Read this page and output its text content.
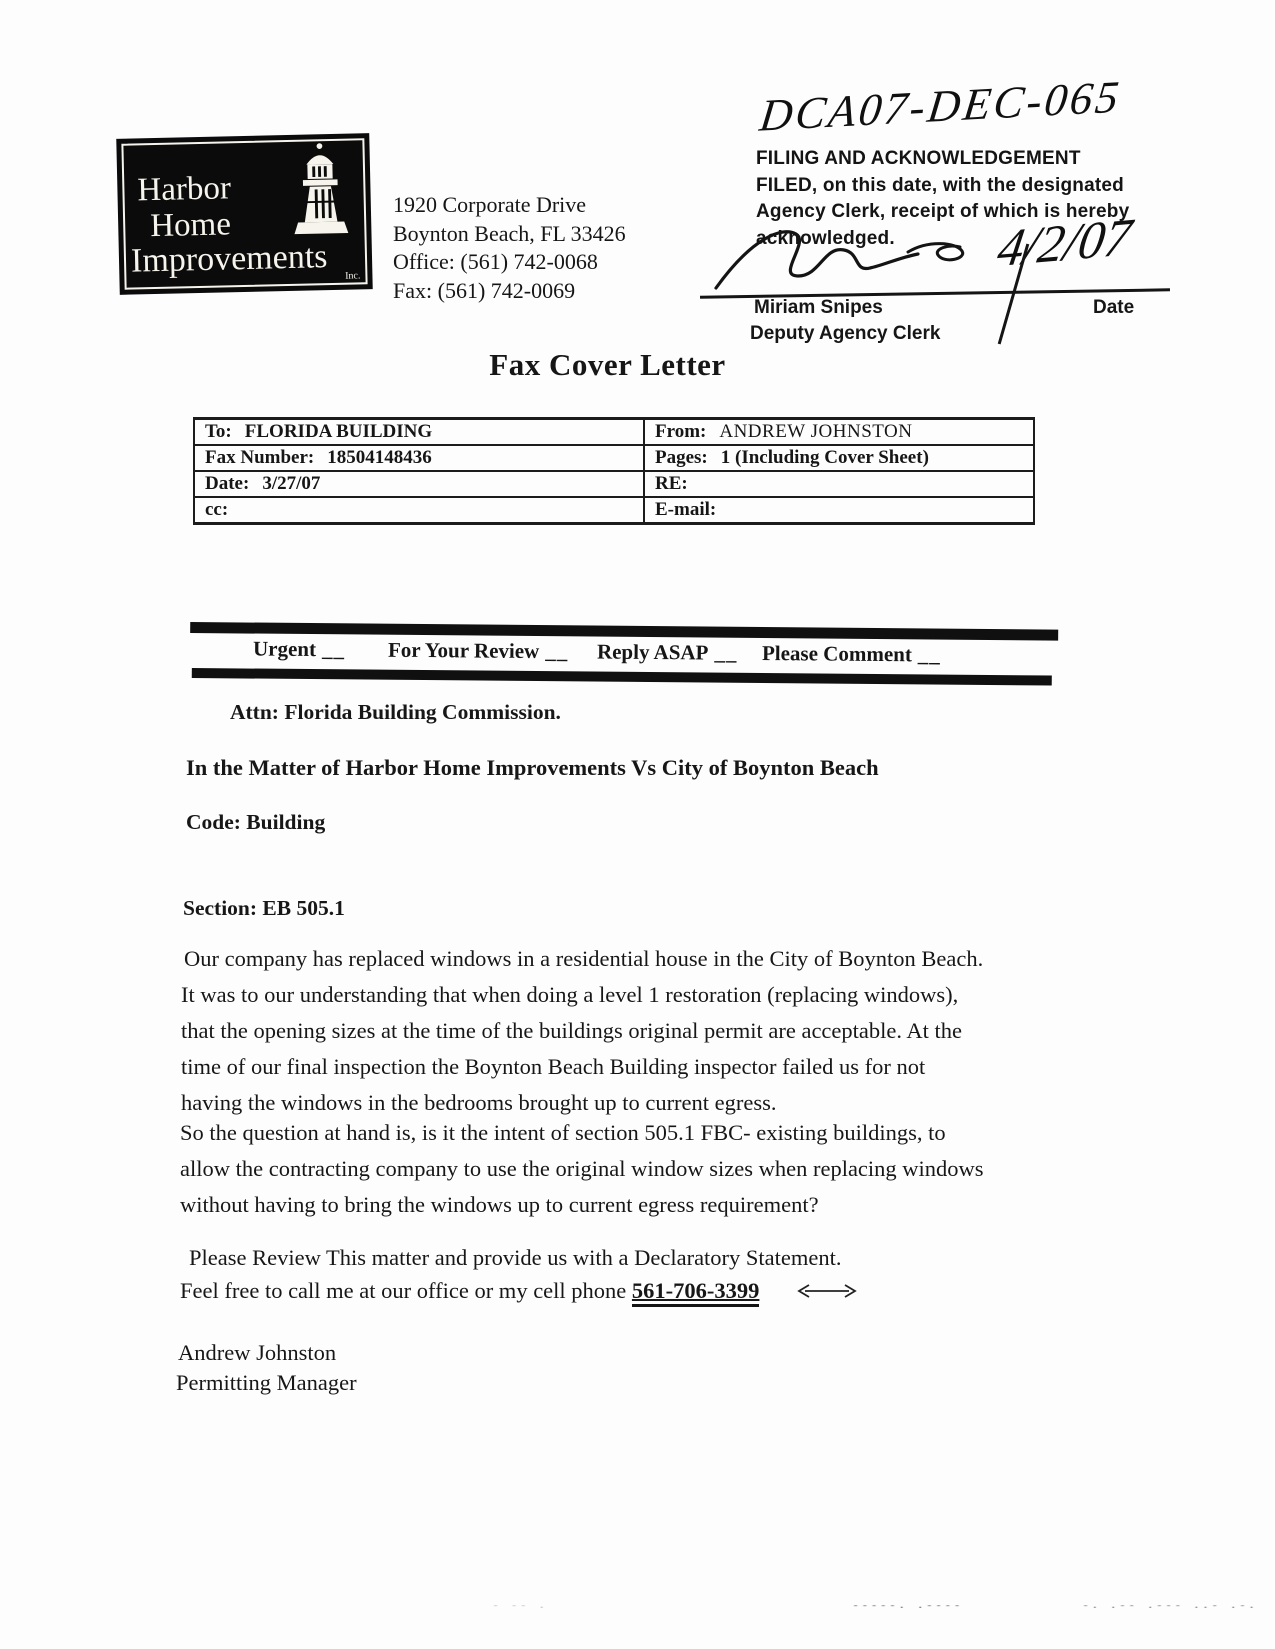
Harbor
Home
Improvements Inc.
1920 Corporate Drive
Boynton Beach, FL 33426
Office: (561) 742-0068
Fax: (561) 742-0069
DCA07-DEC-065
FILING AND ACKNOWLEDGEMENT
FILED, on this date, with the designated
Agency Clerk, receipt of which is hereby
acknowledged.
Miriam Snipes
Deputy Agency Clerk
4/2/07
Date
Fax Cover Letter
To: FLORIDA BUILDING	From: ANDREW JOHNSTON
Fax Number: 18504148436	Pages: 1 (Including Cover Sheet)
Date: 3/27/07	RE:
cc:	E-mail:
Urgent __ For Your Review __ Reply ASAP __ Please Comment __
Attn: Florida Building Commission.
In the Matter of Harbor Home Improvements Vs City of Boynton Beach
Code: Building
Section: EB 505.1
Our company has replaced windows in a residential house in the City of Boynton Beach.
It was to our understanding that when doing a level 1 restoration (replacing windows),
that the opening sizes at the time of the buildings original permit are acceptable. At the
time of our final inspection the Boynton Beach Building inspector failed us for not
having the windows in the bedrooms brought up to current egress.
So the question at hand is, is it the intent of section 505.1 FBC- existing buildings, to
allow the contracting company to use the original window sizes when replacing windows
without having to bring the windows up to current egress requirement?
Please Review This matter and provide us with a Declaratory Statement.
Feel free to call me at our office or my cell phone 561-706-3399
Andrew Johnston
Permitting Manager
- -- .	-----. .----	-. .-- .--- ..- .-.
